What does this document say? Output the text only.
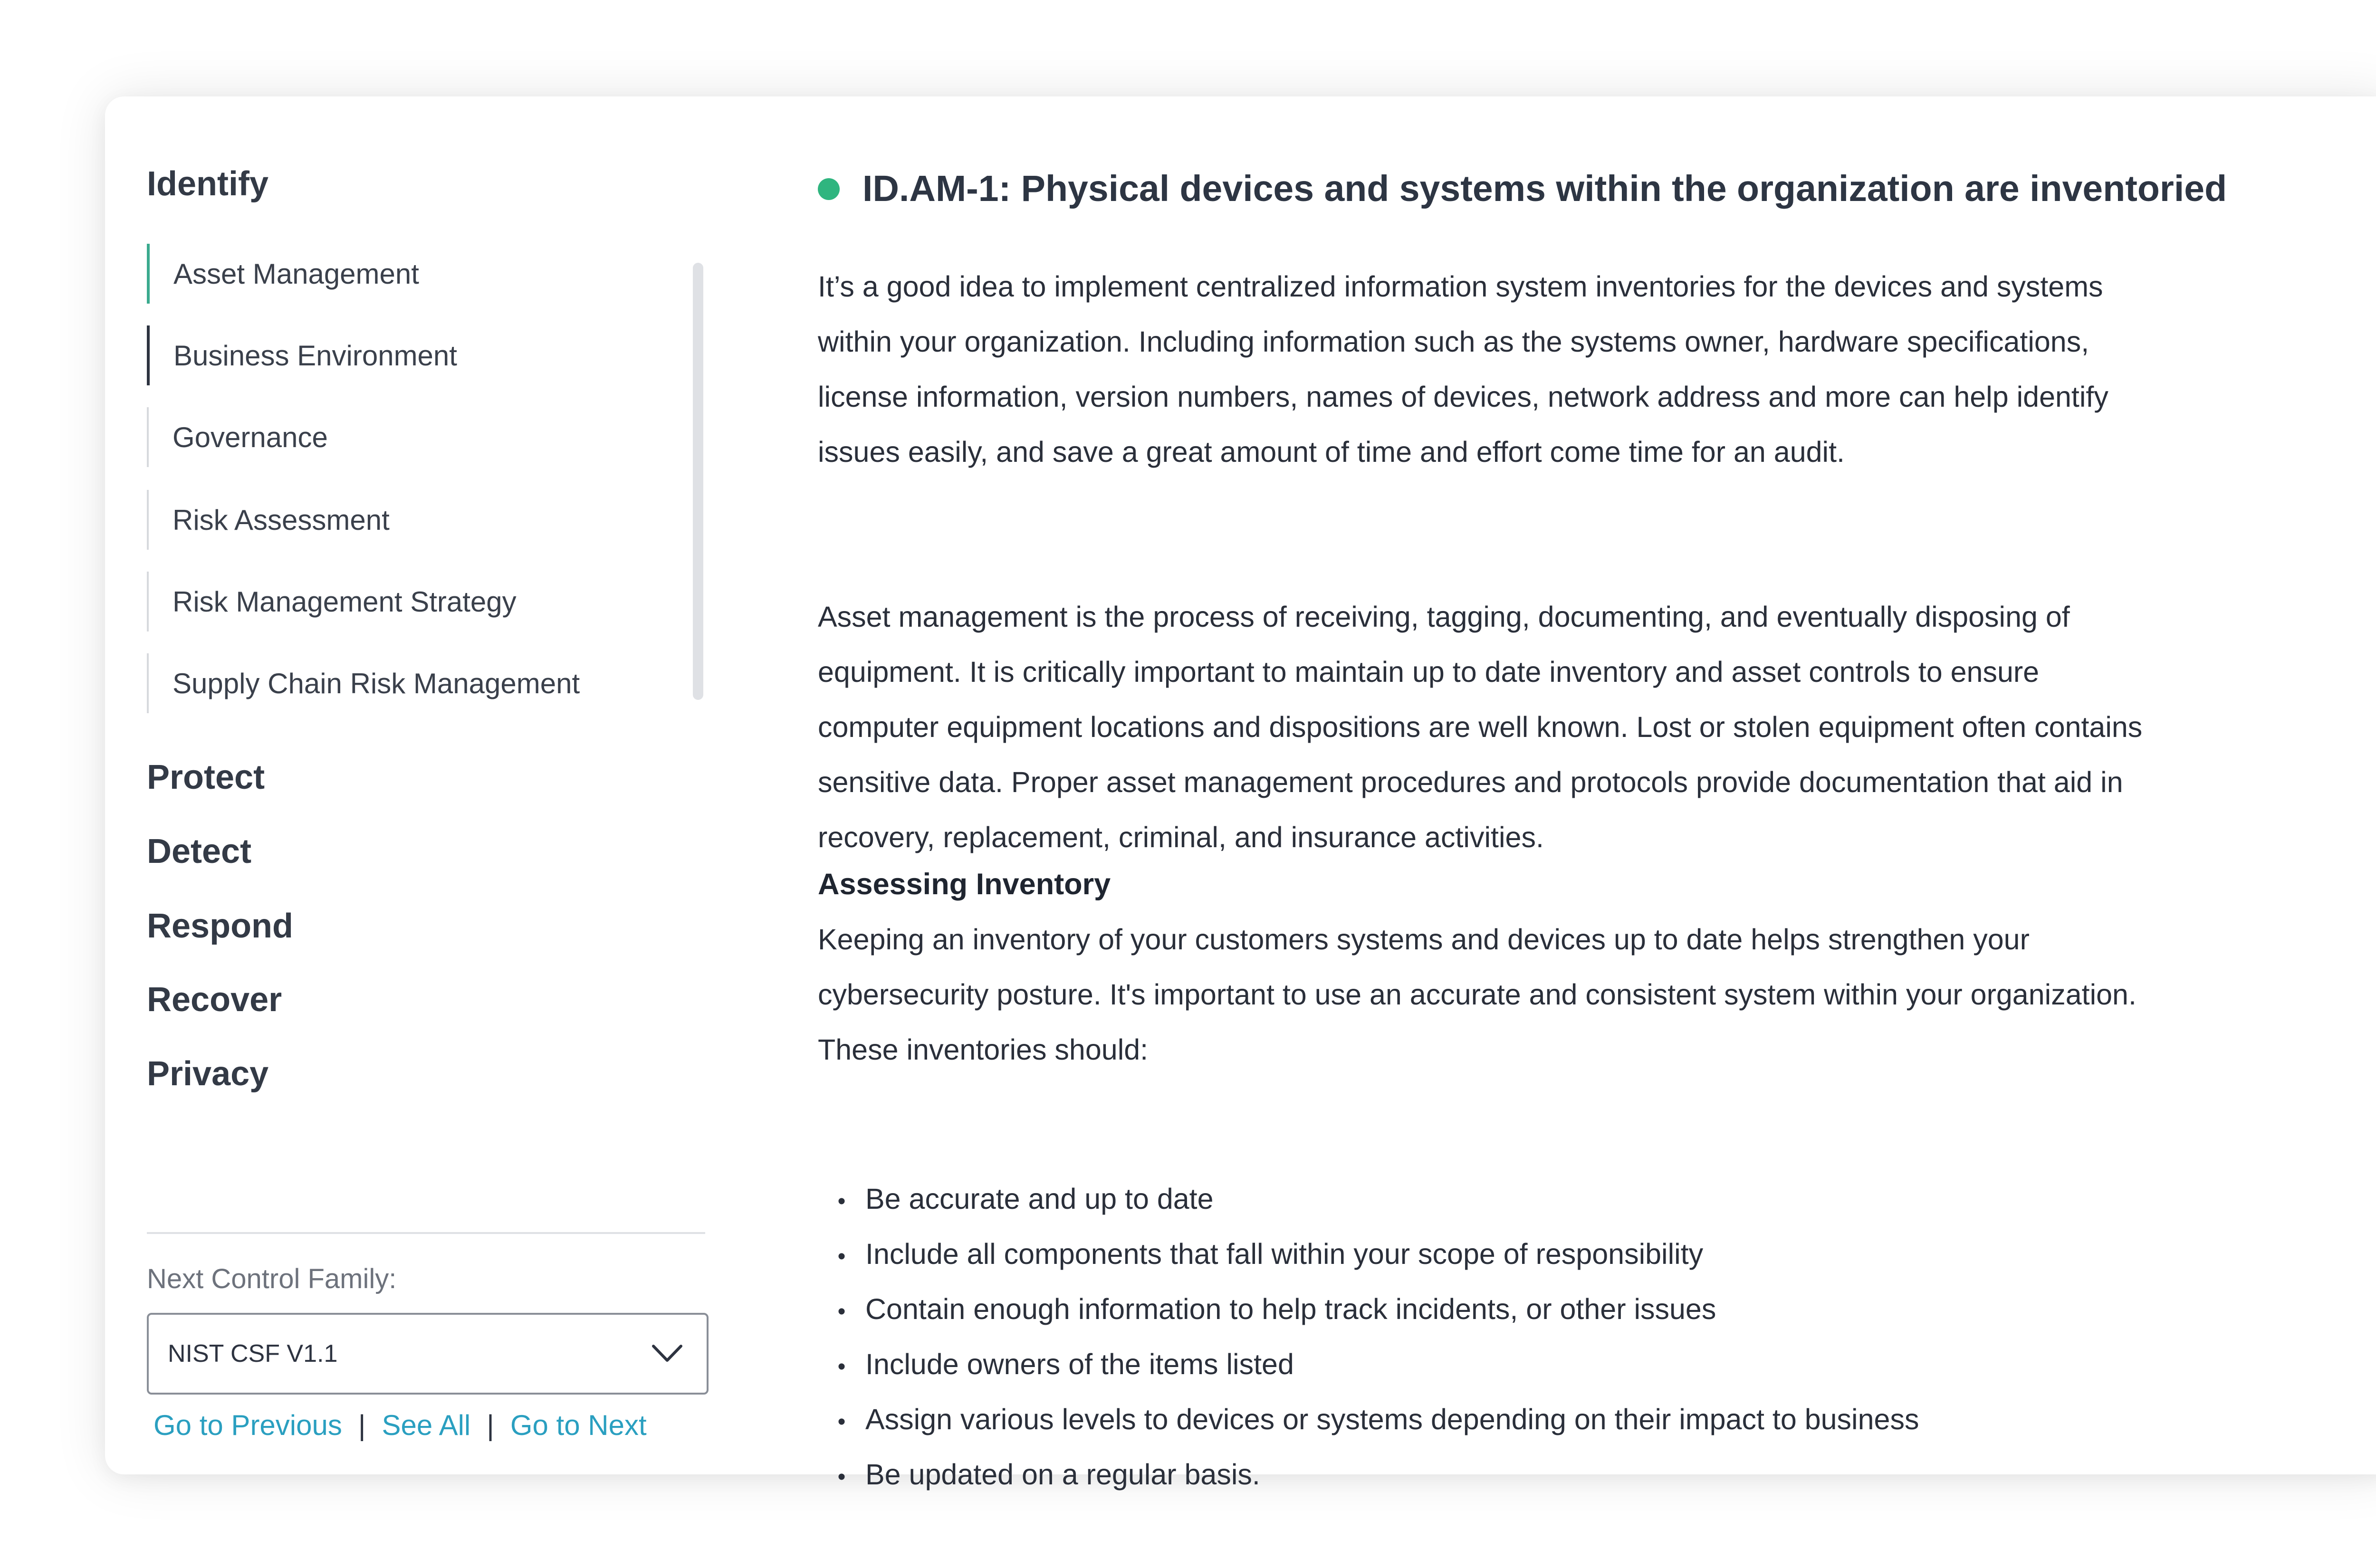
Identify
Asset Management
Business Environment
Governance
Risk Assessment
Risk Management Strategy
Supply Chain Risk Management
Protect
Detect
Respond
Recover
Privacy
Next Control Family:
NIST CSF V1.1
Go to Previous | See All | Go to Next
ID.AM-1: Physical devices and systems within the organization are inventoried
It’s a good idea to implement centralized information system inventories for the devices and systems
within your organization. Including information such as the systems owner, hardware specifications,
license information, version numbers, names of devices, network address and more can help identify
issues easily, and save a great amount of time and effort come time for an audit.
Asset management is the process of receiving, tagging, documenting, and eventually disposing of
equipment. It is critically important to maintain up to date inventory and asset controls to ensure
computer equipment locations and dispositions are well known. Lost or stolen equipment often contains
sensitive data. Proper asset management procedures and protocols provide documentation that aid in
recovery, replacement, criminal, and insurance activities.
Assessing Inventory
Keeping an inventory of your customers systems and devices up to date helps strengthen your
cybersecurity posture. It's important to use an accurate and consistent system within your organization.
These inventories should:
• Be accurate and up to date
• Include all components that fall within your scope of responsibility
• Contain enough information to help track incidents, or other issues
• Include owners of the items listed
• Assign various levels to devices or systems depending on their impact to business
• Be updated on a regular basis.
